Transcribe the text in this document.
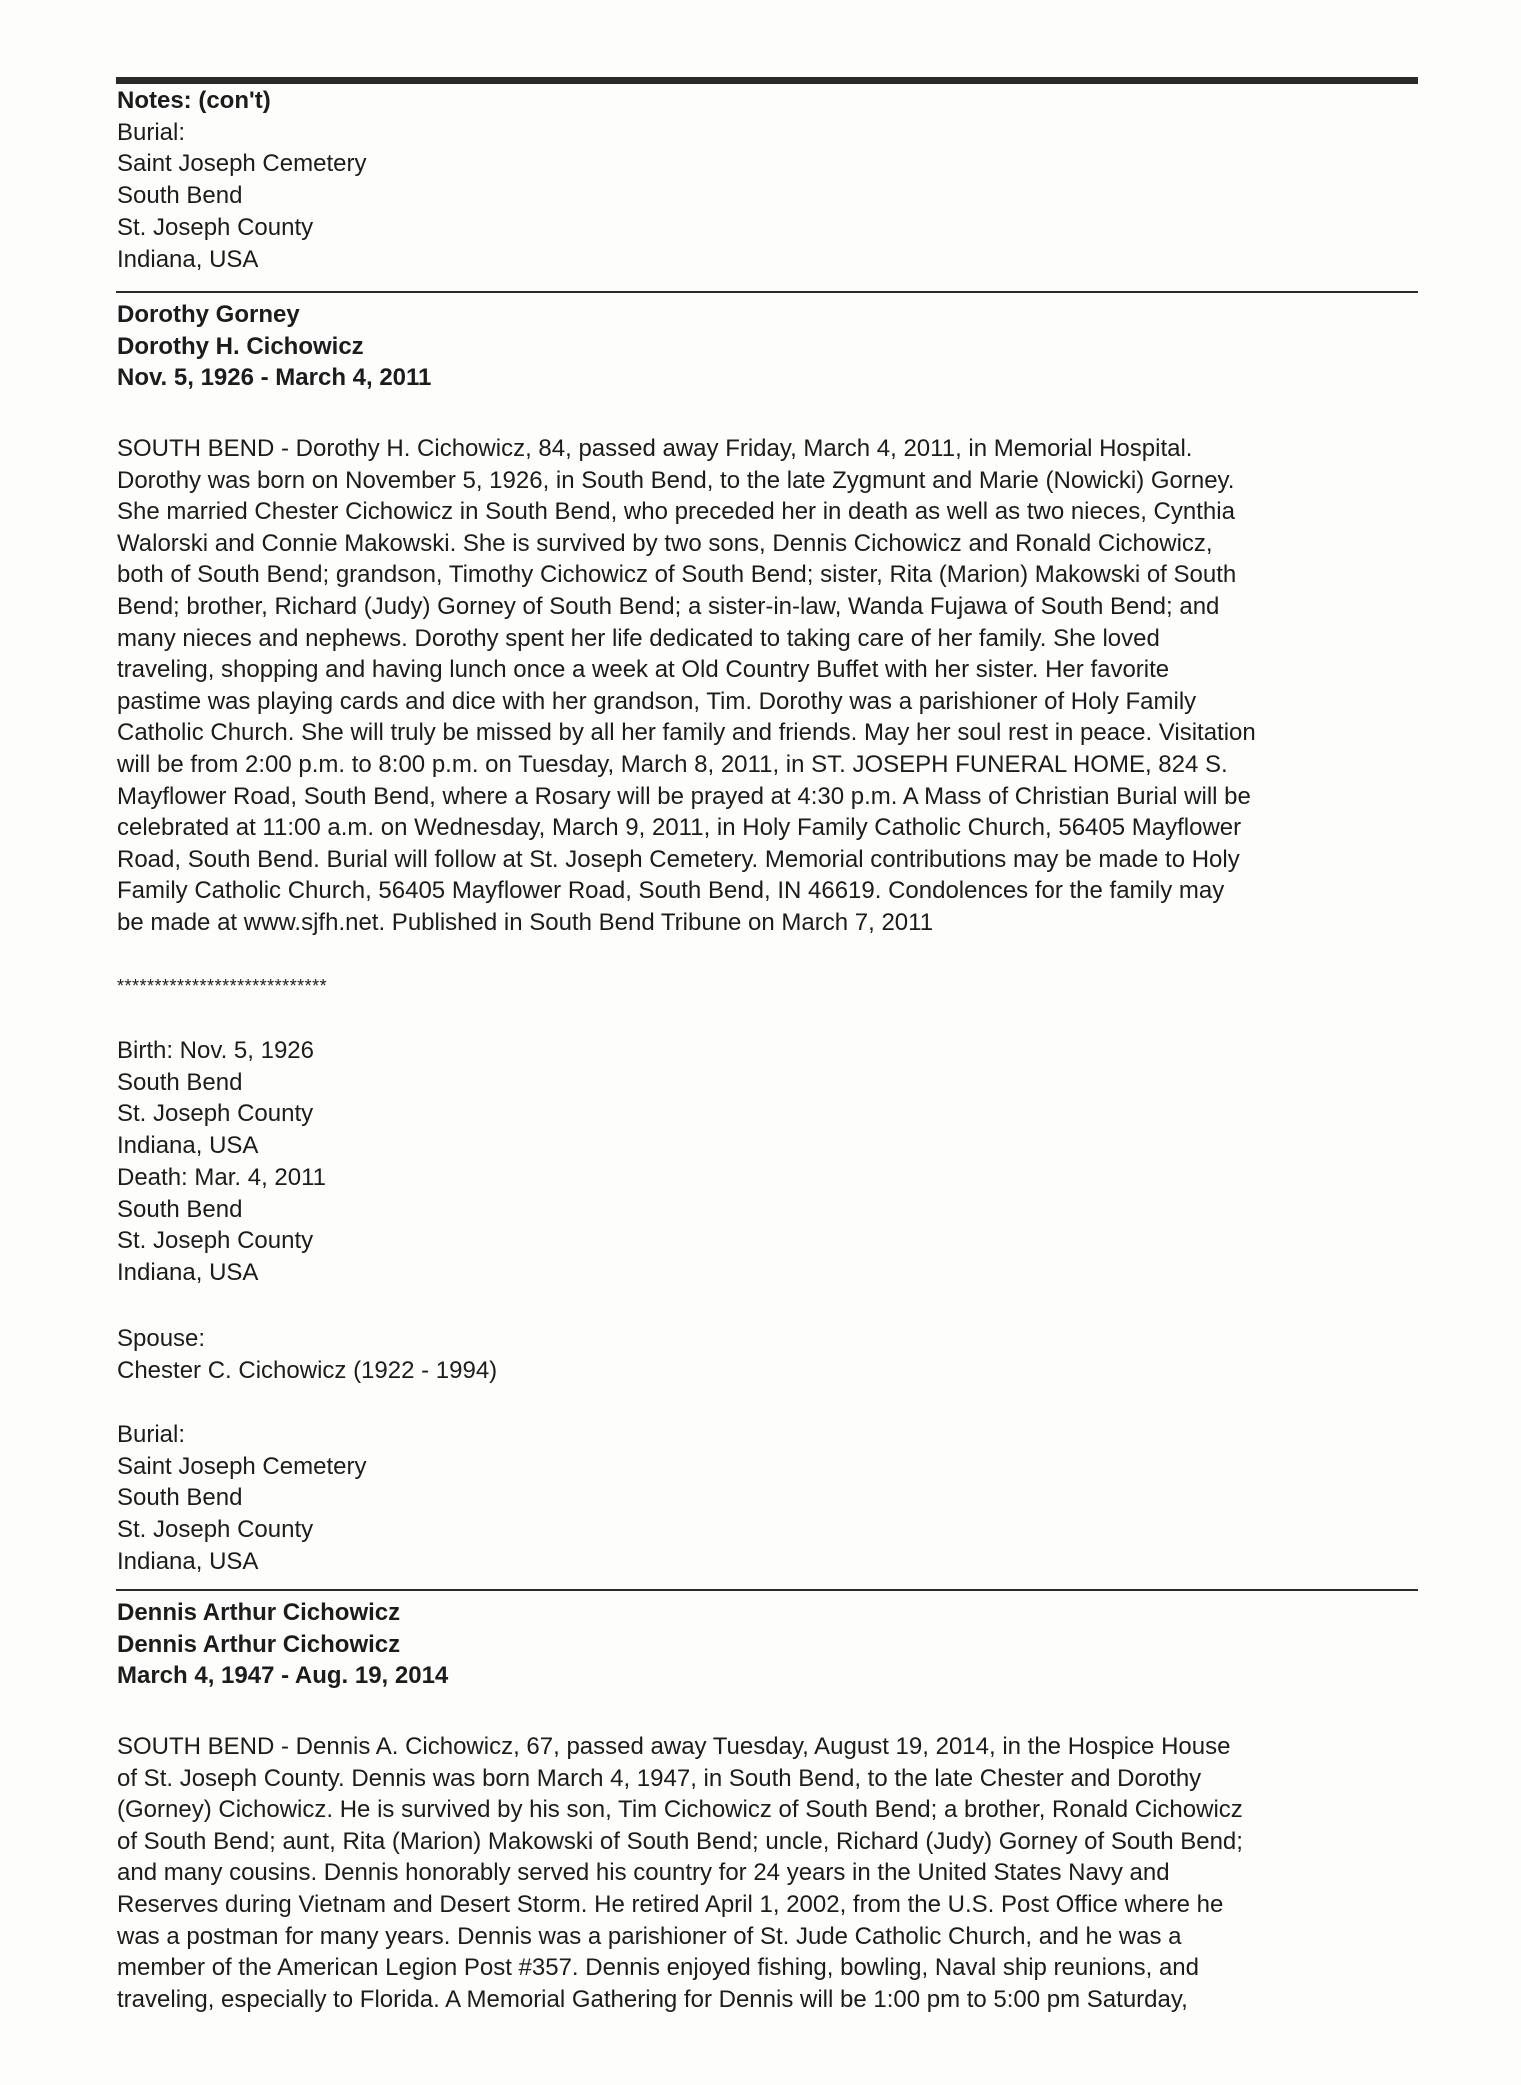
Notes: (con't)
Burial:
Saint Joseph Cemetery
South Bend
St. Joseph County
Indiana, USA
Dorothy Gorney
Dorothy H. Cichowicz
Nov. 5, 1926 - March 4, 2011
SOUTH BEND - Dorothy H. Cichowicz, 84, passed away Friday, March 4, 2011, in Memorial Hospital.
Dorothy was born on November 5, 1926, in South Bend, to the late Zygmunt and Marie (Nowicki) Gorney.
She married Chester Cichowicz in South Bend, who preceded her in death as well as two nieces, Cynthia
Walorski and Connie Makowski. She is survived by two sons, Dennis Cichowicz and Ronald Cichowicz,
both of South Bend; grandson, Timothy Cichowicz of South Bend; sister, Rita (Marion) Makowski of South
Bend; brother, Richard (Judy) Gorney of South Bend; a sister-in-law, Wanda Fujawa of South Bend; and
many nieces and nephews. Dorothy spent her life dedicated to taking care of her family. She loved
traveling, shopping and having lunch once a week at Old Country Buffet with her sister. Her favorite
pastime was playing cards and dice with her grandson, Tim. Dorothy was a parishioner of Holy Family
Catholic Church. She will truly be missed by all her family and friends. May her soul rest in peace. Visitation
will be from 2:00 p.m. to 8:00 p.m. on Tuesday, March 8, 2011, in ST. JOSEPH FUNERAL HOME, 824 S.
Mayflower Road, South Bend, where a Rosary will be prayed at 4:30 p.m. A Mass of Christian Burial will be
celebrated at 11:00 a.m. on Wednesday, March 9, 2011, in Holy Family Catholic Church, 56405 Mayflower
Road, South Bend. Burial will follow at St. Joseph Cemetery. Memorial contributions may be made to Holy
Family Catholic Church, 56405 Mayflower Road, South Bend, IN 46619. Condolences for the family may
be made at www.sjfh.net. Published in South Bend Tribune on March 7, 2011
****************************
Birth: Nov. 5, 1926
South Bend
St. Joseph County
Indiana, USA
Death: Mar. 4, 2011
South Bend
St. Joseph County
Indiana, USA
Spouse:
Chester C. Cichowicz (1922 - 1994)
Burial:
Saint Joseph Cemetery
South Bend
St. Joseph County
Indiana, USA
Dennis Arthur Cichowicz
Dennis Arthur Cichowicz
March 4, 1947 - Aug. 19, 2014
SOUTH BEND - Dennis A. Cichowicz, 67, passed away Tuesday, August 19, 2014, in the Hospice House
of St. Joseph County. Dennis was born March 4, 1947, in South Bend, to the late Chester and Dorothy
(Gorney) Cichowicz. He is survived by his son, Tim Cichowicz of South Bend; a brother, Ronald Cichowicz
of South Bend; aunt, Rita (Marion) Makowski of South Bend; uncle, Richard (Judy) Gorney of South Bend;
and many cousins. Dennis honorably served his country for 24 years in the United States Navy and
Reserves during Vietnam and Desert Storm. He retired April 1, 2002, from the U.S. Post Office where he
was a postman for many years. Dennis was a parishioner of St. Jude Catholic Church, and he was a
member of the American Legion Post #357. Dennis enjoyed fishing, bowling, Naval ship reunions, and
traveling, especially to Florida. A Memorial Gathering for Dennis will be 1:00 pm to 5:00 pm Saturday,
